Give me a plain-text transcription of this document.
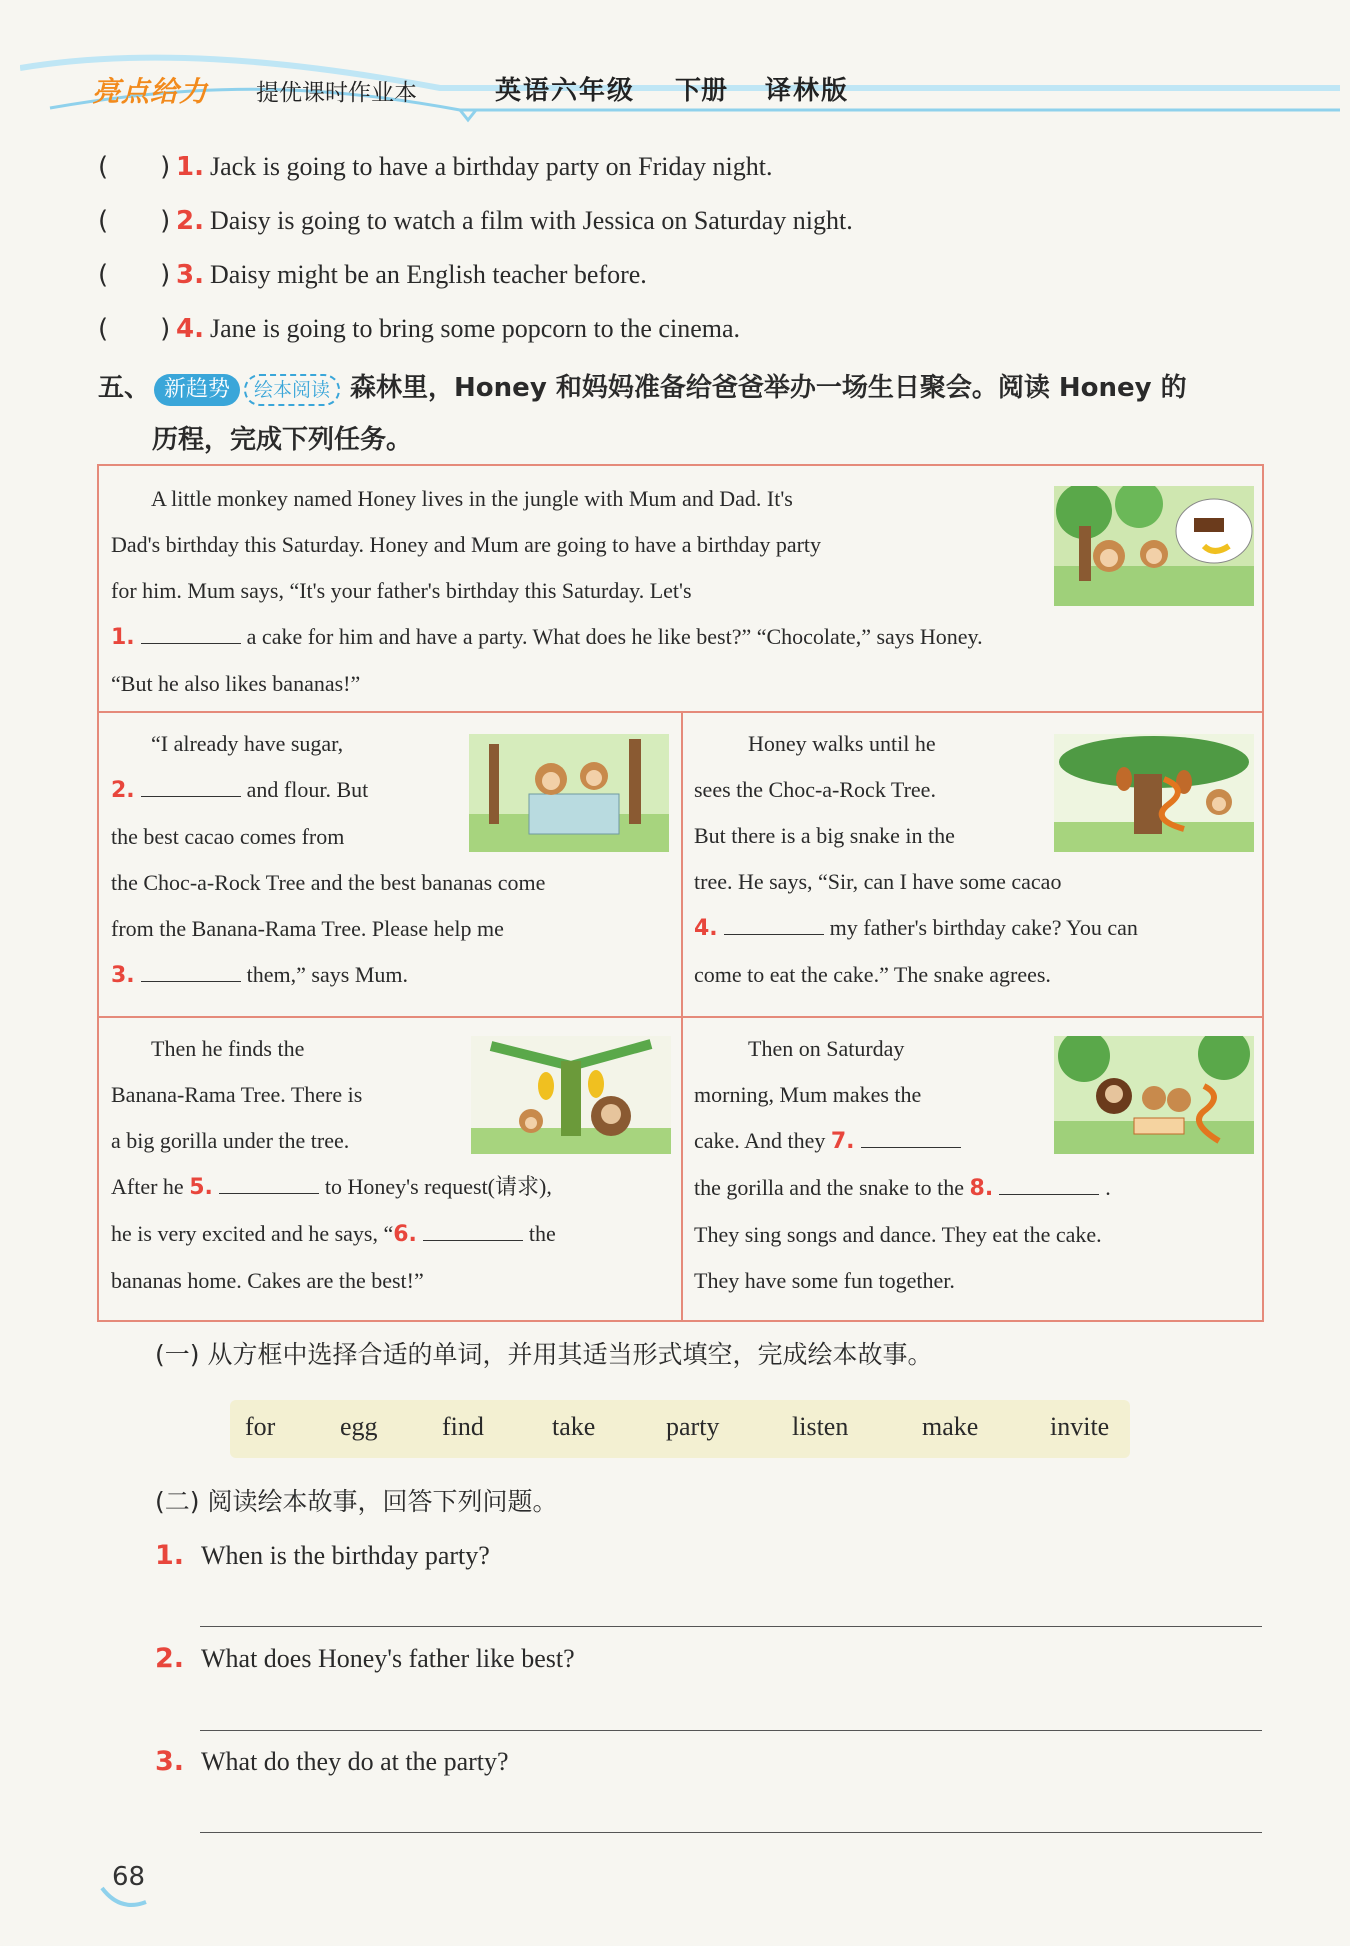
亮点给力 提优课时作业本	英语六年级 下册 译林版
(　　) 1. Jack is going to have a birthday party on Friday night.
(　　) 2. Daisy is going to watch a film with Jessica on Saturday night.
(　　) 3. Daisy might be an English teacher before.
(　　) 4. Jane is going to bring some popcorn to the cinema.
五、 新趋势 绘本阅读 森林里，Honey 和妈妈准备给爸爸举办一场生日聚会。阅读 Honey 的
历程，完成下列任务。

A little monkey named Honey lives in the jungle with Mum and Dad. It's

Dad's birthday this Saturday. Honey and Mum are going to have a birthday party

for him. Mum says, “It's your father's birthday this Saturday. Let's

1.	a cake for him and have a party. What does he like best?” “Chocolate,” says Honey.

“But he also likes bananas!”

“I already have sugar,

2.	and flour. But

the best cacao comes from

the Choc-a-Rock Tree and the best bananas come

from the Banana-Rama Tree. Please help me

3.	them,” says Mum.

Honey walks until he

sees the Choc-a-Rock Tree.

But there is a big snake in the

tree. He says, “Sir, can I have some cacao

4.	my father's birthday cake? You can

come to eat the cake.” The snake agrees.

Then he finds the

Banana-Rama Tree. There is

a big gorilla under the tree.

After he 5.	to Honey's request(请求),

he is very excited and he says, “6.	the

bananas home. Cakes are the best!”

Then on Saturday

morning, Mum makes the

cake. And they 7.

the gorilla and the snake to the 8.	.

They sing songs and dance. They eat the cake.

They have some fun together.

(一) 从方框中选择合适的单词，并用其适当形式填空，完成绘本故事。
for egg find	take	party	listen	make	invite
(二) 阅读绘本故事，回答下列问题。
1. When is the birthday party?
2. What does Honey's father like best?
3. What do they do at the party?
68
